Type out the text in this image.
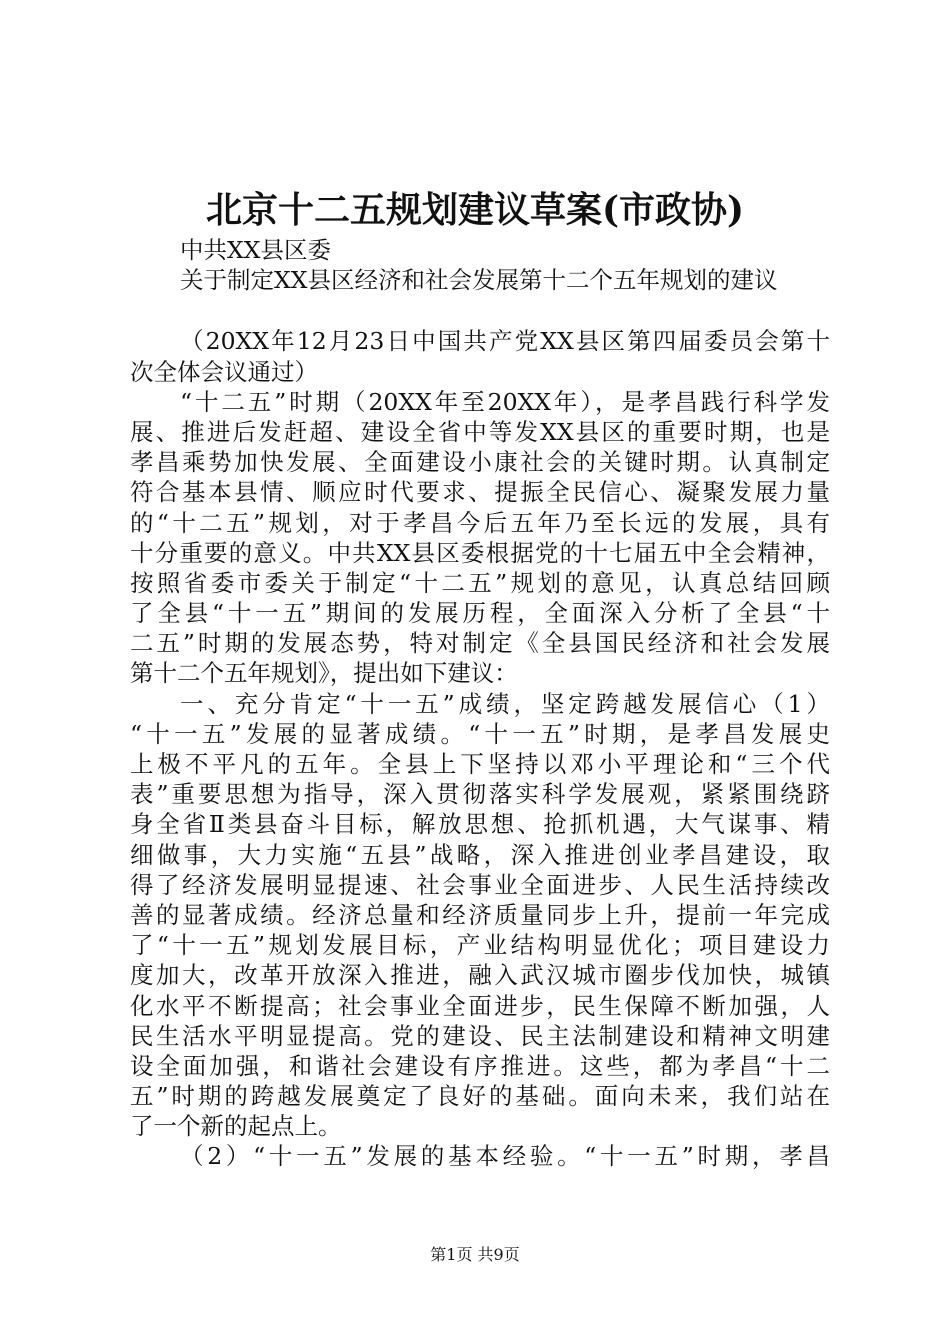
北京十二五规划建议草案(市政协)
中共XX县区委
关于制定XX县区经济和社会发展第十二个五年规划的建议
（20XX年12月23日中国共产党XX县区第四届委员会第十
次全体会议通过）
“十二五”时期（20XX年至20XX年），是孝昌践行科学发
展、推进后发赶超、建设全省中等发XX县区的重要时期，也是
孝昌乘势加快发展、全面建设小康社会的关键时期。认真制定
符合基本县情、顺应时代要求、提振全民信心、凝聚发展力量
的“十二五”规划，对于孝昌今后五年乃至长远的发展，具有
十分重要的意义。中共XX县区委根据党的十七届五中全会精神，
按照省委市委关于制定“十二五”规划的意见，认真总结回顾
了全县“十一五”期间的发展历程，全面深入分析了全县“十
二五”时期的发展态势，特对制定《全县国民经济和社会发展
第十二个五年规划》，提出如下建议：
一、充分肯定“十一五”成绩，坚定跨越发展信心（1）
“十一五”发展的显著成绩。“十一五”时期，是孝昌发展史
上极不平凡的五年。全县上下坚持以邓小平理论和“三个代
表”重要思想为指导，深入贯彻落实科学发展观，紧紧围绕跻
身全省Ⅱ类县奋斗目标，解放思想、抢抓机遇，大气谋事、精
细做事，大力实施“五县”战略，深入推进创业孝昌建设，取
得了经济发展明显提速、社会事业全面进步、人民生活持续改
善的显著成绩。经济总量和经济质量同步上升，提前一年完成
了“十一五”规划发展目标，产业结构明显优化；项目建设力
度加大，改革开放深入推进，融入武汉城市圈步伐加快，城镇
化水平不断提高；社会事业全面进步，民生保障不断加强，人
民生活水平明显提高。党的建设、民主法制建设和精神文明建
设全面加强，和谐社会建设有序推进。这些，都为孝昌“十二
五”时期的跨越发展奠定了良好的基础。面向未来，我们站在
了一个新的起点上。
（2）“十一五”发展的基本经验。“十一五”时期，孝昌
第1页 共9页
